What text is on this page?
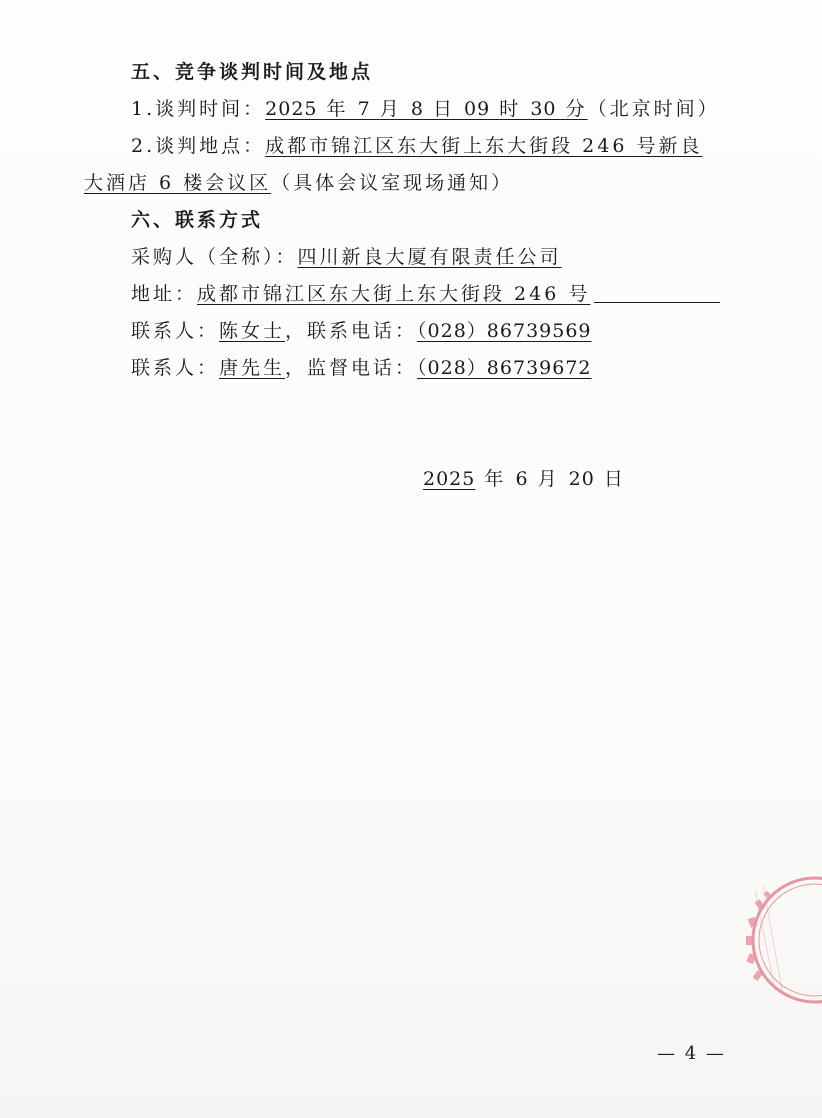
五、竞争谈判时间及地点
1.谈判时间：2025 年 7 月 8 日 09 时 30 分（北京时间）
2.谈判地点：成都市锦江区东大街上东大街段 246 号新良
大酒店 6 楼会议区（具体会议室现场通知）
六、联系方式
采购人（全称）：四川新良大厦有限责任公司
地址：成都市锦江区东大街上东大街段 246 号
联系人：陈女士，联系电话：（028）86739569
联系人：唐先生，监督电话：（028）86739672
2025 年 6 月 20 日
— 4 —
